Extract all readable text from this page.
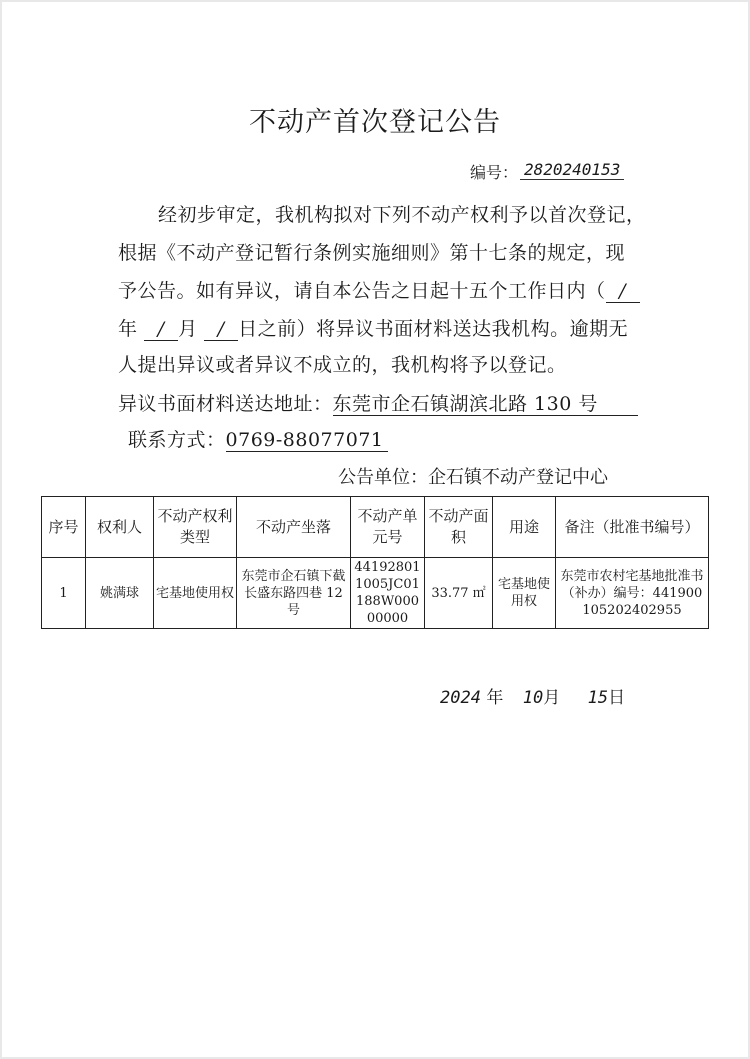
不动产首次登记公告
编号： 2820240153
经初步审定，我机构拟对下列不动产权利予以首次登记，
根据《不动产登记暂行条例实施细则》第十七条的规定，现
予公告。如有异议，请自本公告之日起十五个工作日内（ /
年 / 月 / 日之前）将异议书面材料送达我机构。逾期无
人提出异议或者异议不成立的，我机构将予以登记。
异议书面材料送达地址：东莞市企石镇湖滨北路 130 号
联系方式：0769-88077071
公告单位：企石镇不动产登记中心
序号	权利人	不动产权利类型	不动产坐落	不动产单元号	不动产面积	用途	备注（批准书编号）
1	姚满球	宅基地使用权	东莞市企石镇下截长盛东路四巷 12 号	441928011005JC01188W00000000	33.77 ㎡	宅基地使用权	东莞市农村宅基地批准书（补办）编号：441900105202402955
2024 年 10月 15日
